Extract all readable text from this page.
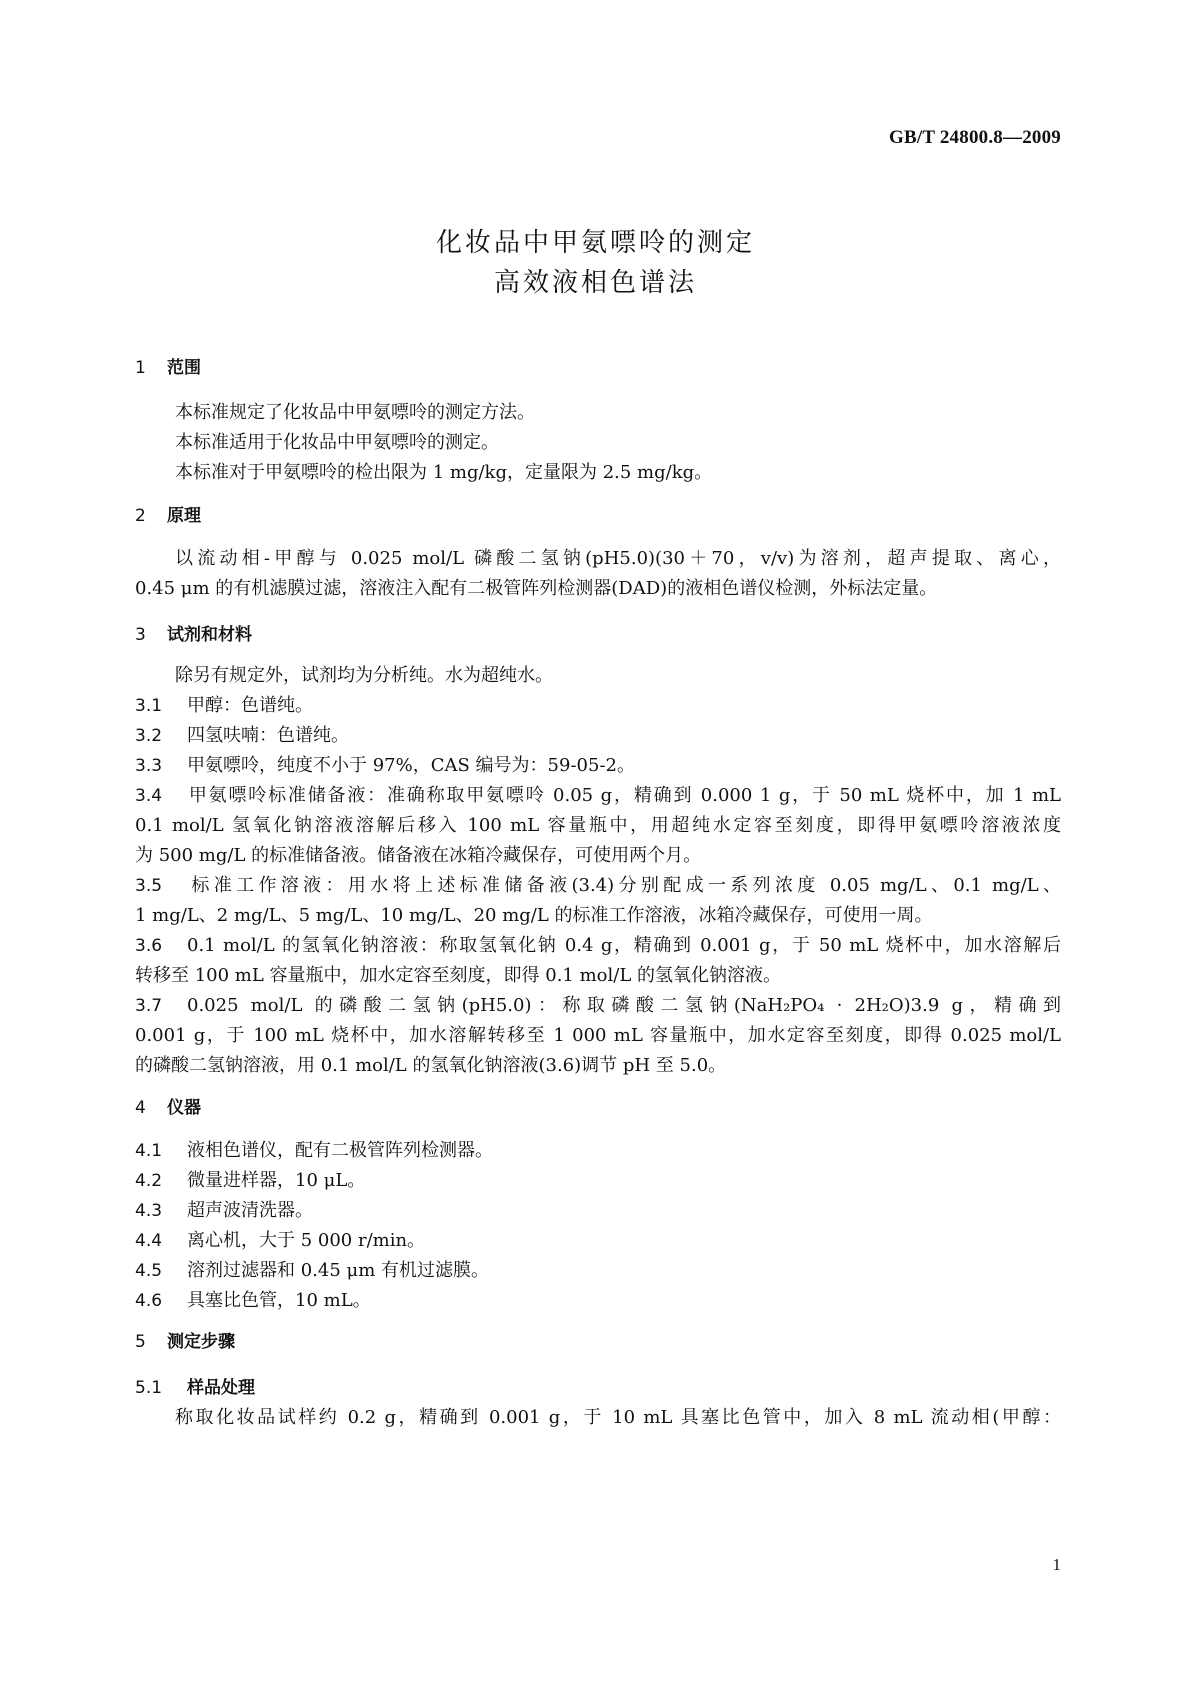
GB/T 24800.8—2009
化妆品中甲氨嘌呤的测定
高效液相色谱法
1 范围
本标准规定了化妆品中甲氨嘌呤的测定方法。
本标准适用于化妆品中甲氨嘌呤的测定。
本标准对于甲氨嘌呤的检出限为 1 mg/kg，定量限为 2.5 mg/kg。
2 原理
以流动相-甲醇与 0.025 mol/L 磷酸二氢钠(pH5.0)(30＋70，v/v)为溶剂，超声提取、离心，
0.45 μm 的有机滤膜过滤，溶液注入配有二极管阵列检测器(DAD)的液相色谱仪检测，外标法定量。
3 试剂和材料
除另有规定外，试剂均为分析纯。水为超纯水。
3.1 甲醇：色谱纯。
3.2 四氢呋喃：色谱纯。
3.3 甲氨嘌呤，纯度不小于 97%，CAS 编号为：59-05-2。
3.4 甲氨嘌呤标准储备液：准确称取甲氨嘌呤 0.05 g，精确到 0.000 1 g，于 50 mL 烧杯中，加 1 mL
0.1 mol/L 氢氧化钠溶液溶解后移入 100 mL 容量瓶中，用超纯水定容至刻度，即得甲氨嘌呤溶液浓度
为 500 mg/L 的标准储备液。储备液在冰箱冷藏保存，可使用两个月。
3.5 标准工作溶液：用水将上述标准储备液(3.4)分别配成一系列浓度 0.05 mg/L、0.1 mg/L、
1 mg/L、2 mg/L、5 mg/L、10 mg/L、20 mg/L 的标准工作溶液，冰箱冷藏保存，可使用一周。
3.6 0.1 mol/L 的氢氧化钠溶液：称取氢氧化钠 0.4 g，精确到 0.001 g，于 50 mL 烧杯中，加水溶解后
转移至 100 mL 容量瓶中，加水定容至刻度，即得 0.1 mol/L 的氢氧化钠溶液。
3.7 0.025 mol/L 的磷酸二氢钠(pH5.0)：称取磷酸二氢钠(NaH₂PO₄ · 2H₂O)3.9 g，精确到
0.001 g，于 100 mL 烧杯中，加水溶解转移至 1 000 mL 容量瓶中，加水定容至刻度，即得 0.025 mol/L
的磷酸二氢钠溶液，用 0.1 mol/L 的氢氧化钠溶液(3.6)调节 pH 至 5.0。
4 仪器
4.1 液相色谱仪，配有二极管阵列检测器。
4.2 微量进样器，10 μL。
4.3 超声波清洗器。
4.4 离心机，大于 5 000 r/min。
4.5 溶剂过滤器和 0.45 μm 有机过滤膜。
4.6 具塞比色管，10 mL。
5 测定步骤
5.1 样品处理
称取化妆品试样约 0.2 g，精确到 0.001 g，于 10 mL 具塞比色管中，加入 8 mL 流动相(甲醇：
1
